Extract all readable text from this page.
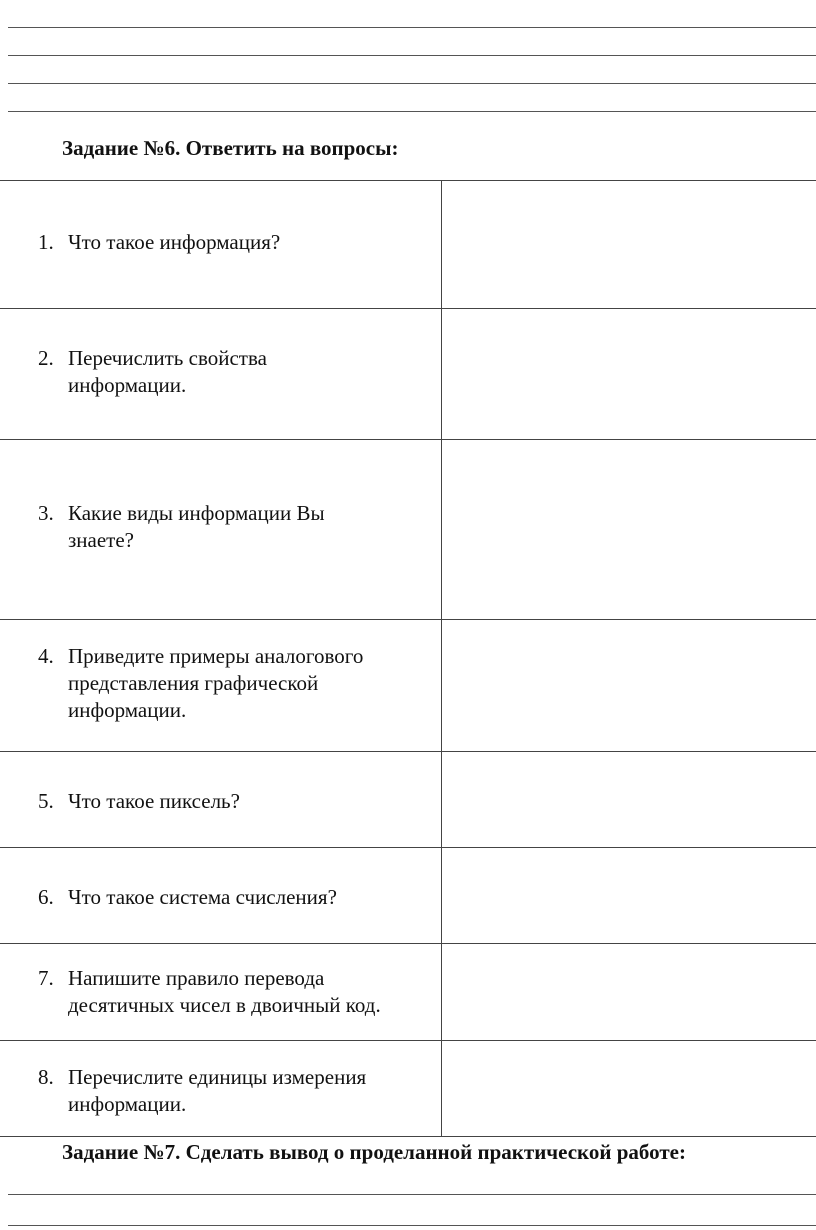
Задание №6. Ответить на вопросы:
1. Что такое информация?	

2. Перечислить свойства информации.	

3. Какие виды информации Вы знаете?	

4. Приведите примеры аналогового представления графической информации.	

5. Что такое пиксель?	

6. Что такое система счисления?	

7. Напишите правило перевода десятичных чисел в двоичный код.	

8. Перечислите единицы измерения информации.	

Задание №7. Сделать вывод о проделанной практической работе:
